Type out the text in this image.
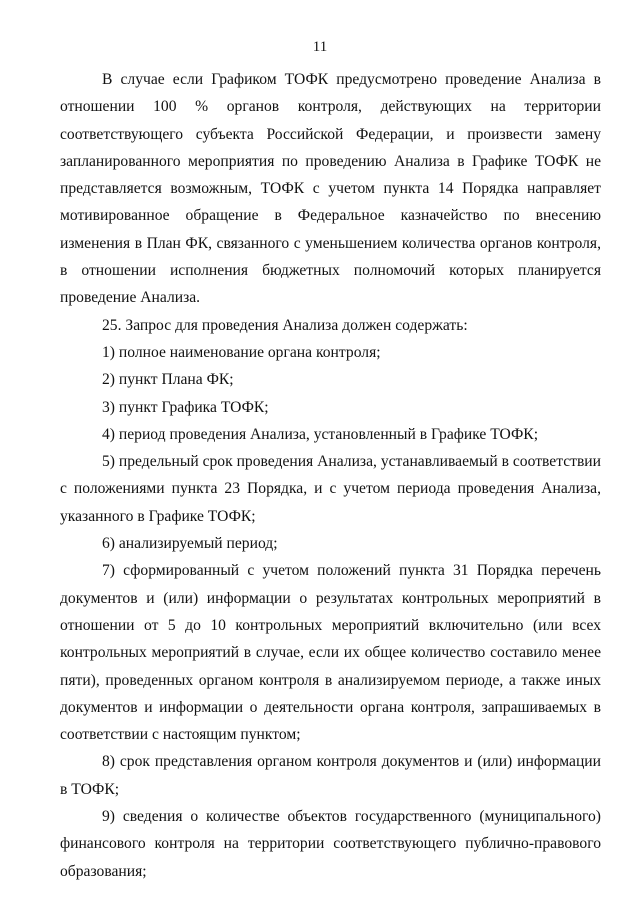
11

В случае если Графиком ТОФК предусмотрено проведение Анализа в отношении 100 % органов контроля, действующих на территории соответствующего субъекта Российской Федерации, и произвести замену запланированного мероприятия по проведению Анализа в Графике ТОФК не представляется возможным, ТОФК с учетом пункта 14 Порядка направляет мотивированное обращение в Федеральное казначейство по внесению изменения в План ФК, связанного с уменьшением количества органов контроля, в отношении исполнения бюджетных полномочий которых планируется проведение Анализа.

25. Запрос для проведения Анализа должен содержать:

1) полное наименование органа контроля;

2) пункт Плана ФК;

3) пункт Графика ТОФК;

4) период проведения Анализа, установленный в Графике ТОФК;

5) предельный срок проведения Анализа, устанавливаемый в соответствии с положениями пункта 23 Порядка, и с учетом периода проведения Анализа, указанного в Графике ТОФК;

6) анализируемый период;

7) сформированный с учетом положений пункта 31 Порядка перечень документов и (или) информации о результатах контрольных мероприятий в отношении от 5 до 10 контрольных мероприятий включительно (или всех контрольных мероприятий в случае, если их общее количество составило менее пяти), проведенных органом контроля в анализируемом периоде, а также иных документов и информации о деятельности органа контроля, запрашиваемых в соответствии с настоящим пунктом;

8) срок представления органом контроля документов и (или) информации в ТОФК;

9) сведения о количестве объектов государственного (муниципального) финансового контроля на территории соответствующего публично-правового образования;
